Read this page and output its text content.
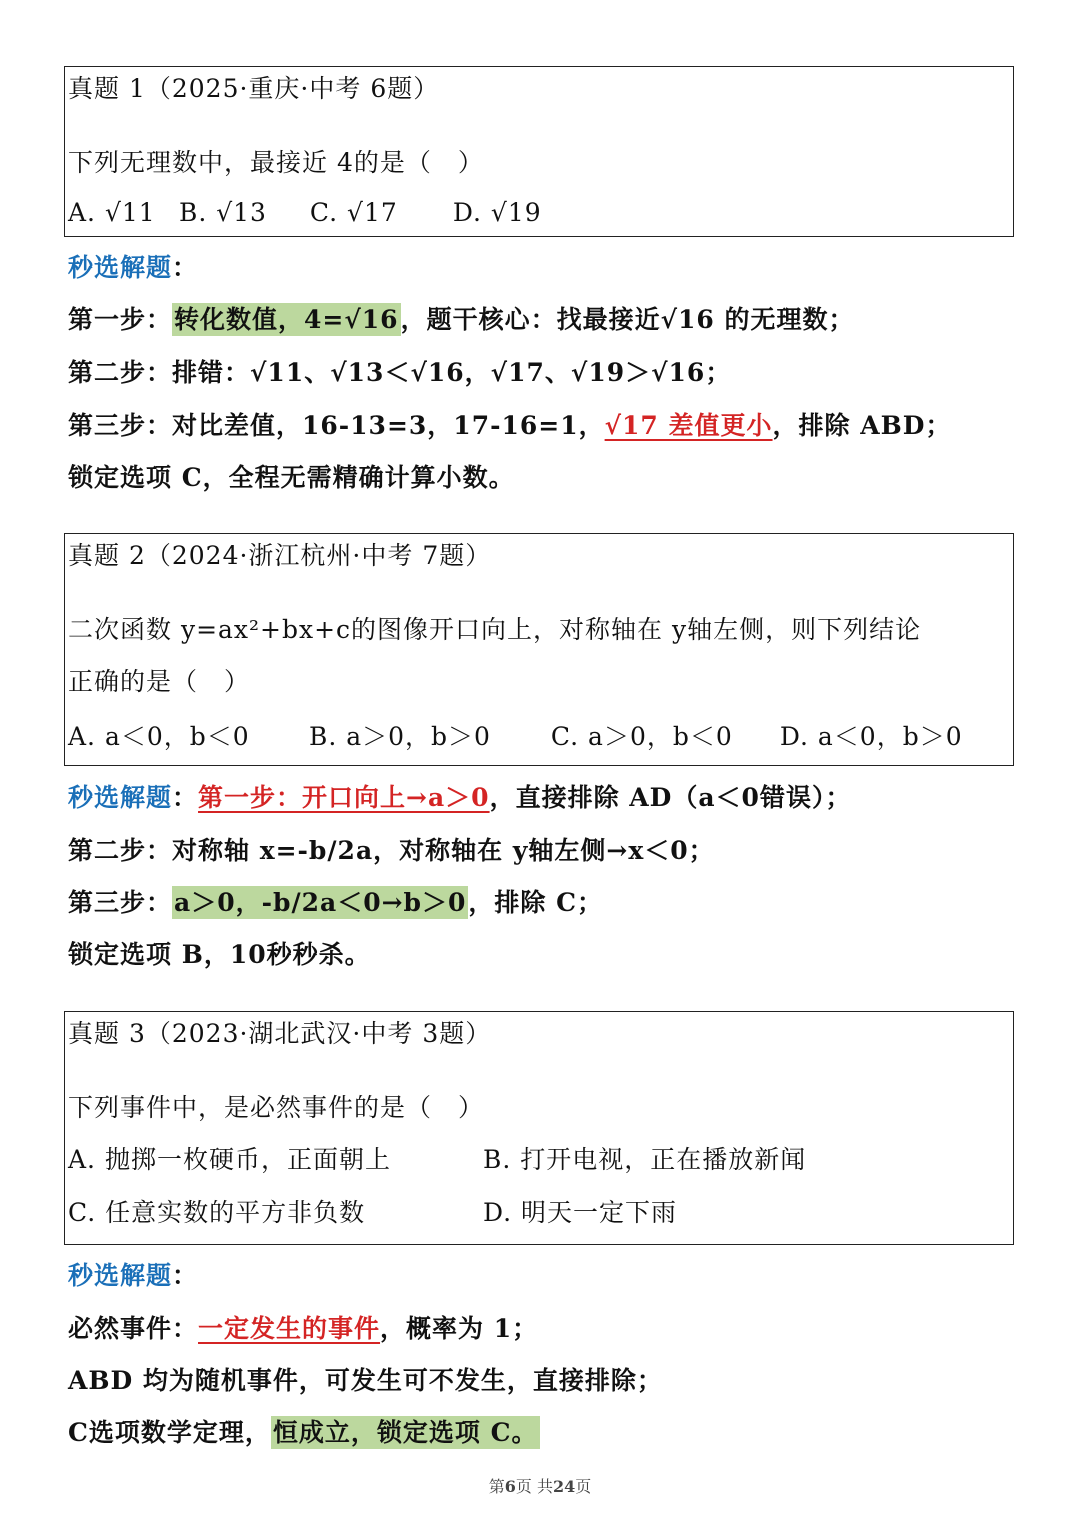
真题 1（2025·重庆·中考 6题）
下列无理数中，最接近 4的是（　）
A. √11 B. √13 C. √17 D. √19
秒选解题：
第一步：转化数值，4=√16，题干核心：找最接近√16 的无理数；
第二步：排错：√11、√13＜√16，√17、√19＞√16；
第三步：对比差值，16-13=3，17-16=1，√17 差值更小，排除 ABD；
锁定选项 C，全程无需精确计算小数。
真题 2（2024·浙江杭州·中考 7题）
二次函数 y=ax²+bx+c的图像开口向上，对称轴在 y轴左侧，则下列结论
正确的是（　）
A. a＜0，b＜0 B. a＞0，b＞0 C. a＞0，b＜0 D. a＜0，b＞0
秒选解题：第一步：开口向上→a＞0，直接排除 AD（a＜0错误）；
第二步：对称轴 x=-b/2a，对称轴在 y轴左侧→x＜0；
第三步：a＞0，-b/2a＜0→b＞0，排除 C；
锁定选项 B，10秒秒杀。
真题 3（2023·湖北武汉·中考 3题）
下列事件中，是必然事件的是（　）
A. 抛掷一枚硬币，正面朝上	B. 打开电视，正在播放新闻
C. 任意实数的平方非负数	D. 明天一定下雨
秒选解题：
必然事件：一定发生的事件，概率为 1；
ABD 均为随机事件，可发生可不发生，直接排除；
C选项数学定理，恒成立，锁定选项 C。
第6页 共24页
